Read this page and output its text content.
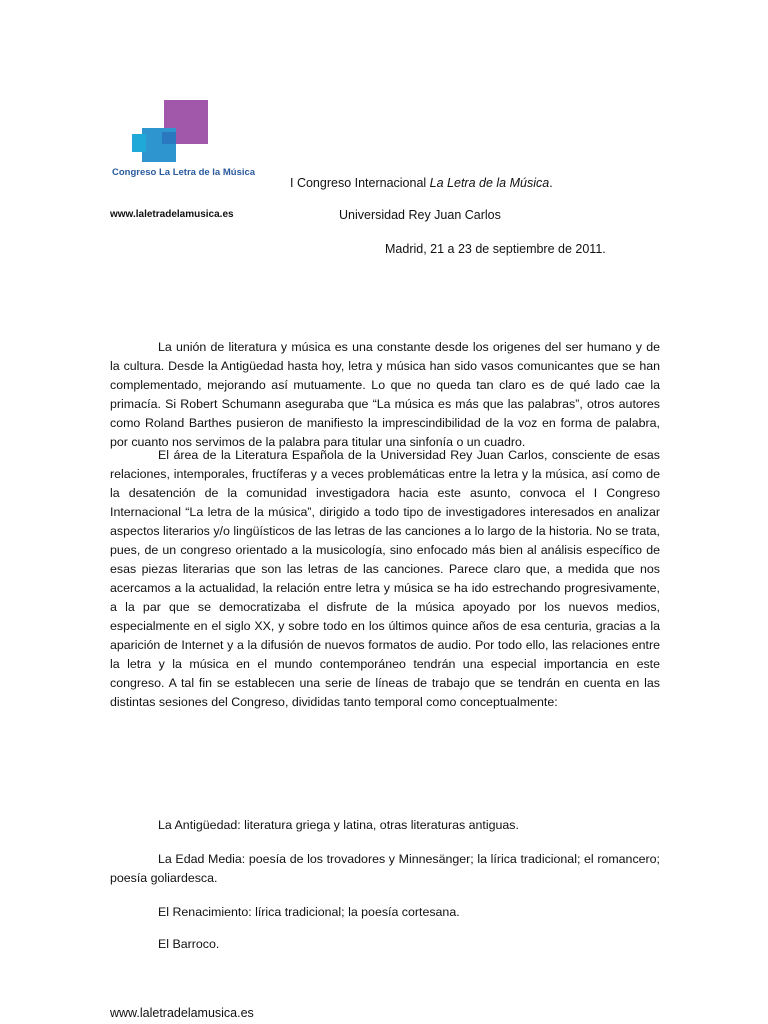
Congreso La Letra de la Música
www.laletradelamusica.es
I Congreso Internacional La Letra de la Música.
Universidad Rey Juan Carlos
Madrid, 21 a 23 de septiembre de 2011.

La unión de literatura y música es una constante desde los origenes del ser humano y de la cultura. Desde la Antigüedad hasta hoy, letra y música han sido vasos comunicantes que se han complementado, mejorando así mutuamente. Lo que no queda tan claro es de qué lado cae la primacía. Si Robert Schumann aseguraba que “La música es más que las palabras”, otros autores como Roland Barthes pusieron de manifiesto la imprescindibilidad de la voz en forma de palabra, por cuanto nos servimos de la palabra para titular una sinfonía o un cuadro.

El área de la Literatura Española de la Universidad Rey Juan Carlos, consciente de esas relaciones, intemporales, fructíferas y a veces problemáticas entre la letra y la música, así como de la desatención de la comunidad investigadora hacia este asunto, convoca el I Congreso Internacional “La letra de la música”, dirigido a todo tipo de investigadores interesados en analizar aspectos literarios y/o lingüísticos de las letras de las canciones a lo largo de la historia. No se trata, pues, de un congreso orientado a la musicología, sino enfocado más bien al análisis específico de esas piezas literarias que son las letras de las canciones. Parece claro que, a medida que nos acercamos a la actualidad, la relación entre letra y música se ha ido estrechando progresivamente, a la par que se democratizaba el disfrute de la música apoyado por los nuevos medios, especialmente en el siglo XX, y sobre todo en los últimos quince años de esa centuria, gracias a la aparición de Internet y a la difusión de nuevos formatos de audio. Por todo ello, las relaciones entre la letra y la música en el mundo contemporáneo tendrán una especial importancia en este congreso. A tal fin se establecen una serie de líneas de trabajo que se tendrán en cuenta en las distintas sesiones del Congreso, divididas tanto temporal como conceptualmente:

La Antigüedad: literatura griega y latina, otras literaturas antiguas.

La Edad Media: poesía de los trovadores y Minnesänger; la lírica tradicional; el romancero; poesía goliardesca.

El Renacimiento: lírica tradicional; la poesía cortesana.

El Barroco.

www.laletradelamusica.es
